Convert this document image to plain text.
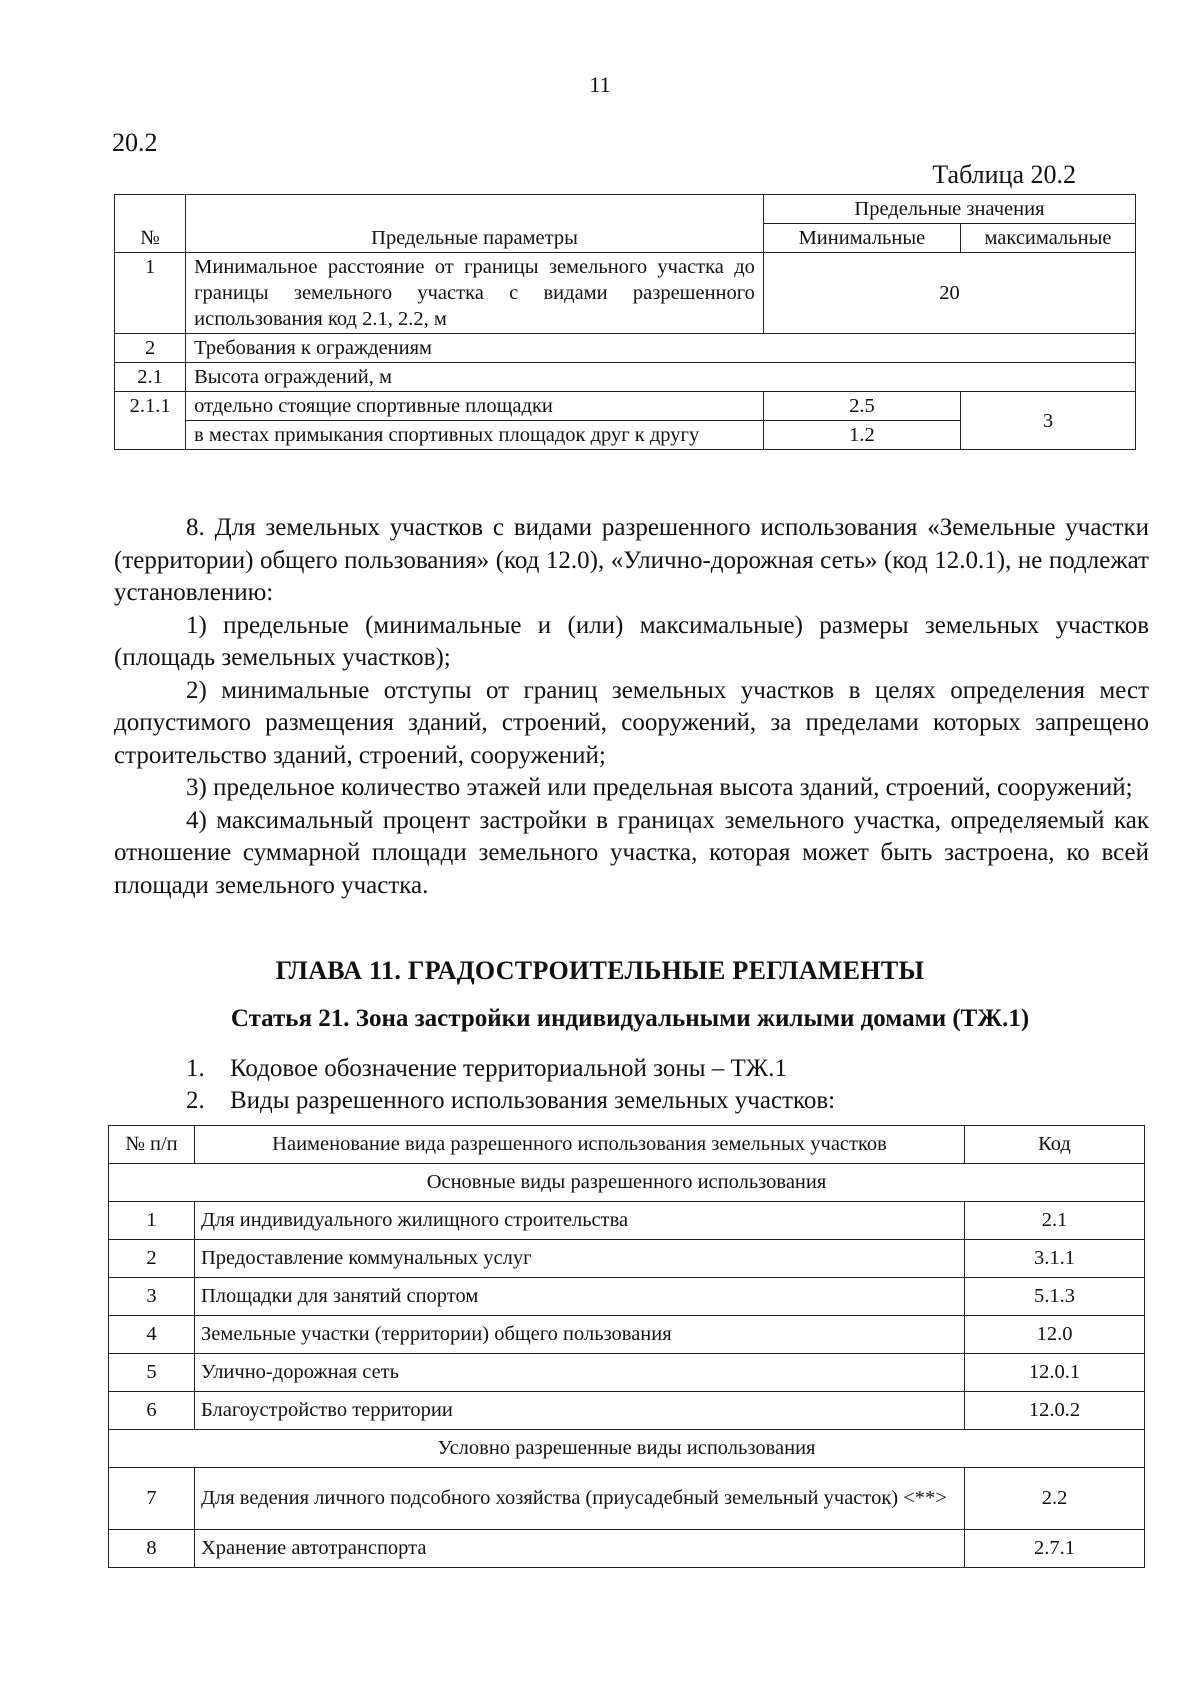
11
20.2
Таблица 20.2
№	Предельные параметры	Предельные значения	
		Минимальные	максимальные
1	Минимальное расстояние от границы земельного участка до границы земельного участка с видами разрешенного использования код 2.1, 2.2, м	20	
2	Требования к ограждениям		
2.1	Высота ограждений, м		
2.1.1	отдельно стоящие спортивные площадки	2.5	3
	в местах примыкания спортивных площадок друг к другу	1.2	

8. Для земельных участков с видами разрешенного использования «Земельные участки (территории) общего пользования» (код 12.0), «Улично-дорожная сеть» (код 12.0.1), не подлежат установлению:

1) предельные (минимальные и (или) максимальные) размеры земельных участков (площадь земельных участков);

2) минимальные отступы от границ земельных участков в целях определения мест допустимого размещения зданий, строений, сооружений, за пределами которых запрещено строительство зданий, строений, сооружений;

3) предельное количество этажей или предельная высота зданий, строений, сооружений;

4) максимальный процент застройки в границах земельного участка, определяемый как отношение суммарной площади земельного участка, которая может быть застроена, ко всей площади земельного участка.

ГЛАВА 11. ГРАДОСТРОИТЕЛЬНЫЕ РЕГЛАМЕНТЫ
Статья 21. Зона застройки индивидуальными жилыми домами (ТЖ.1)
1. Кодовое обозначение территориальной зоны – ТЖ.1
2. Виды разрешенного использования земельных участков:
№ п/п	Наименование вида разрешенного использования земельных участков	Код
Основные виды разрешенного использования		
1	Для индивидуального жилищного строительства	2.1
2	Предоставление коммунальных услуг	3.1.1
3	Площадки для занятий спортом	5.1.3
4	Земельные участки (территории) общего пользования	12.0
5	Улично-дорожная сеть	12.0.1
6	Благоустройство территории	12.0.2
Условно разрешенные виды использования		
7	Для ведения личного подсобного хозяйства (приусадебный земельный участок) <**>	2.2
8	Хранение автотранспорта	2.7.1
